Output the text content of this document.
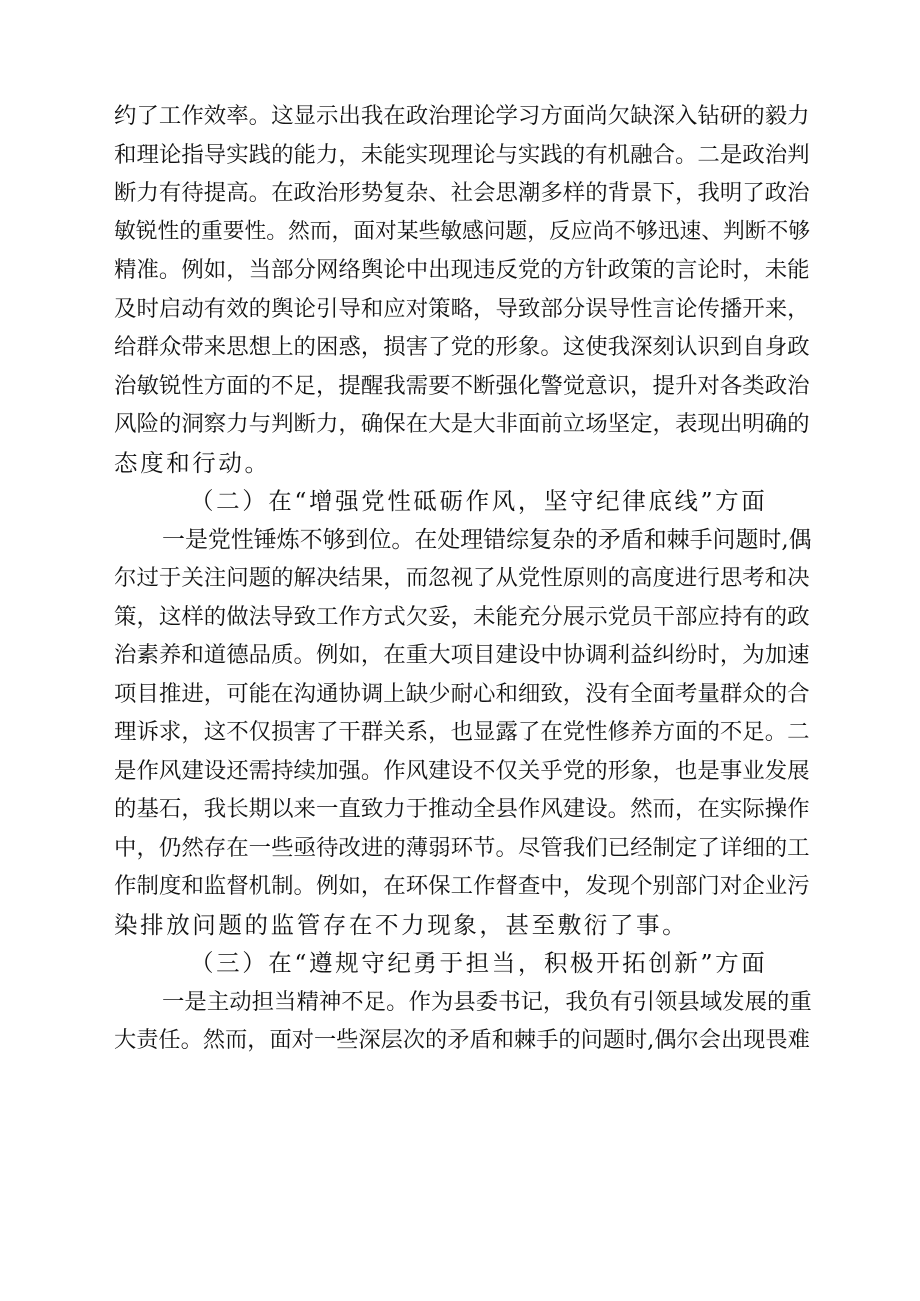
约了工作效率。这显示出我在政治理论学习方面尚欠缺深入钻研的毅力
和理论指导实践的能力，未能实现理论与实践的有机融合。二是政治判
断力有待提高。在政治形势复杂、社会思潮多样的背景下，我明了政治
敏锐性的重要性。然而，面对某些敏感问题，反应尚不够迅速、判断不够
精准。例如，当部分网络舆论中出现违反党的方针政策的言论时，未能
及时启动有效的舆论引导和应对策略，导致部分误导性言论传播开来，
给群众带来思想上的困惑，损害了党的形象。这使我深刻认识到自身政
治敏锐性方面的不足，提醒我需要不断强化警觉意识，提升对各类政治
风险的洞察力与判断力，确保在大是大非面前立场坚定，表现出明确的
态度和行动。
（二）在“增强党性砥砺作风，坚守纪律底线”方面
一是党性锤炼不够到位。在处理错综复杂的矛盾和棘手问题时,偶
尔过于关注问题的解决结果，而忽视了从党性原则的高度进行思考和决
策，这样的做法导致工作方式欠妥，未能充分展示党员干部应持有的政
治素养和道德品质。例如，在重大项目建设中协调利益纠纷时，为加速
项目推进，可能在沟通协调上缺少耐心和细致，没有全面考量群众的合
理诉求，这不仅损害了干群关系，也显露了在党性修养方面的不足。二
是作风建设还需持续加强。作风建设不仅关乎党的形象，也是事业发展
的基石，我长期以来一直致力于推动全县作风建设。然而，在实际操作
中，仍然存在一些亟待改进的薄弱环节。尽管我们已经制定了详细的工
作制度和监督机制。例如，在环保工作督查中，发现个别部门对企业污
染排放问题的监管存在不力现象，甚至敷衍了事。
（三）在“遵规守纪勇于担当，积极开拓创新”方面
一是主动担当精神不足。作为县委书记，我负有引领县域发展的重
大责任。然而，面对一些深层次的矛盾和棘手的问题时,偶尔会出现畏难
